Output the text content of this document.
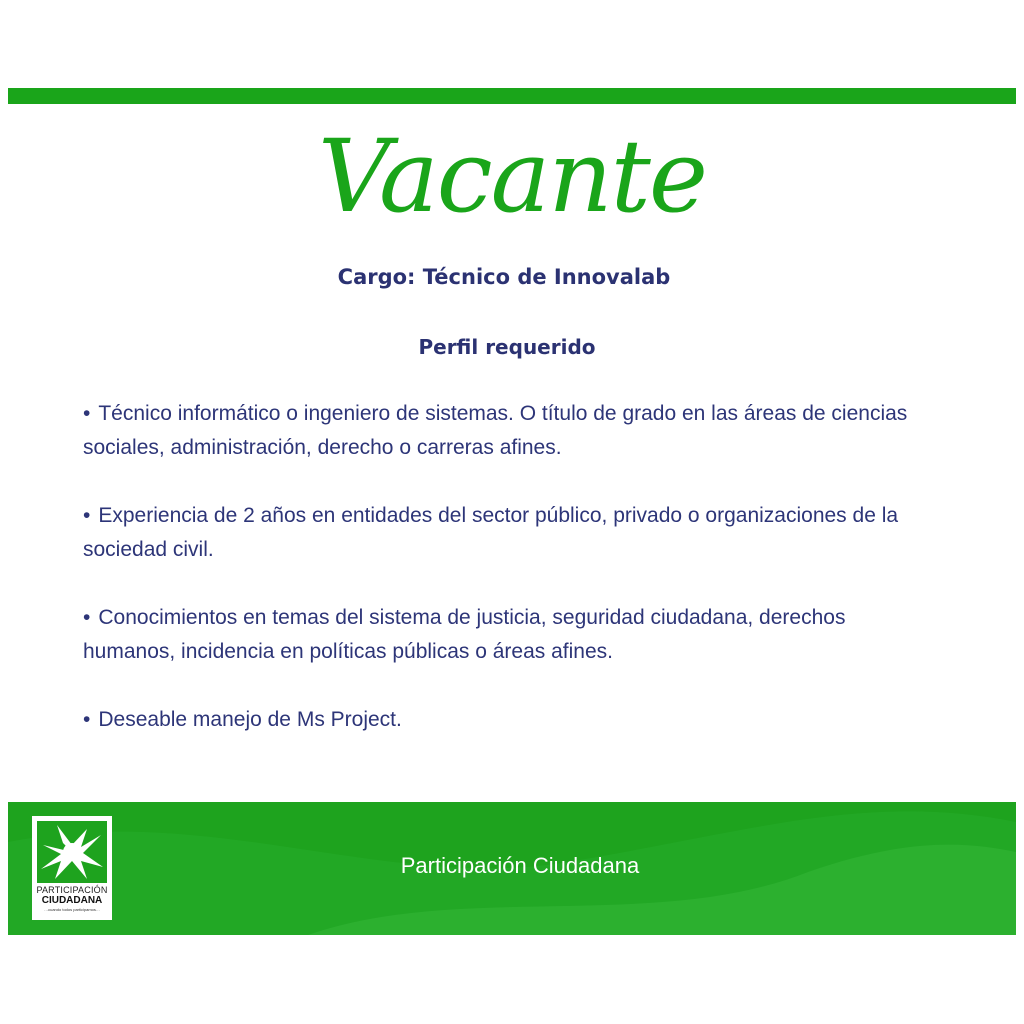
Vacante
Cargo: Técnico de Innovalab
Perfil requerido
• Técnico informático o ingeniero de sistemas. O título de grado en las áreas de ciencias sociales, administración, derecho o carreras afines.
• Experiencia de 2 años en entidades del sector público, privado o organizaciones de la sociedad civil.
• Conocimientos en temas del sistema de justicia, seguridad ciudadana, derechos humanos, incidencia en políticas públicas o áreas afines.
• Deseable manejo de Ms Project.
PARTICIPACIÓN
CIUDADANA
…cuando todos participamos…
Participación Ciudadana
